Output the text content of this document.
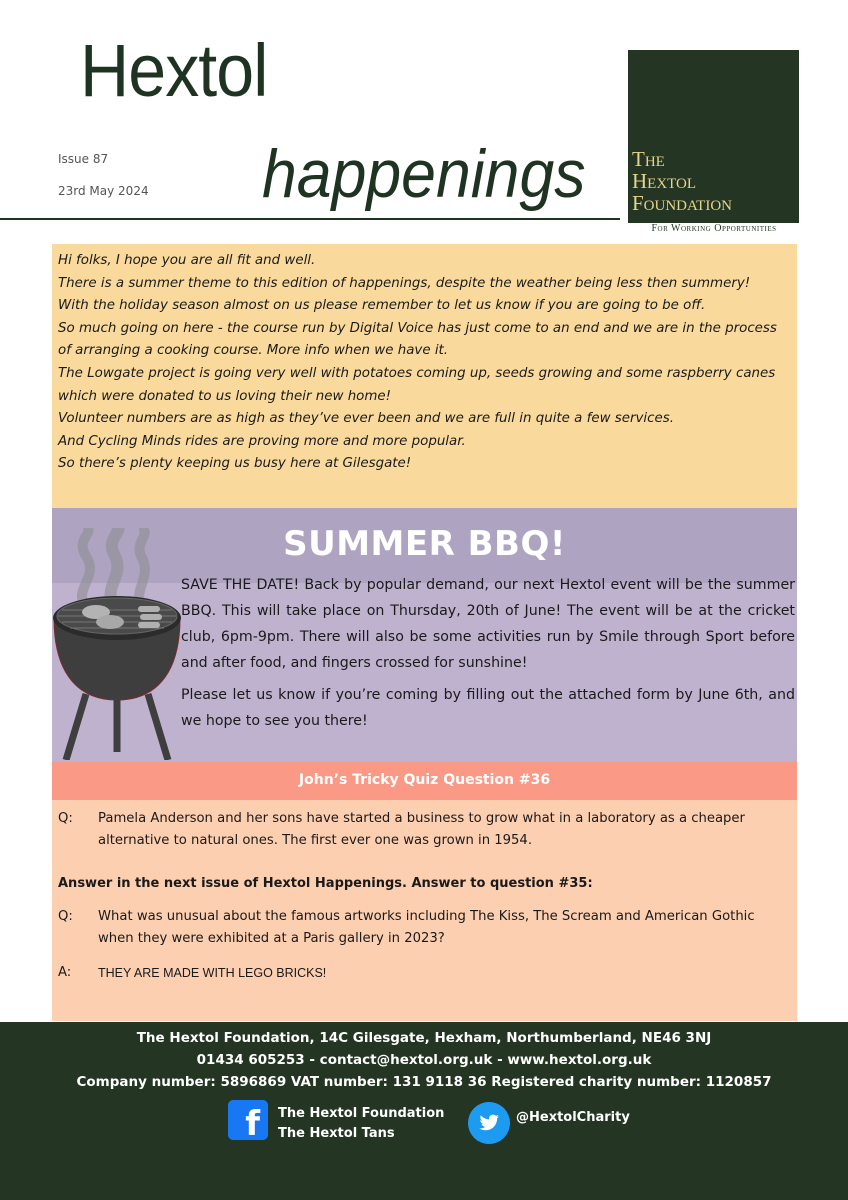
Hextol
happenings
Issue 87
23rd May 2024
The
Hextol
Foundation
For Working Opportunities

Hi folks, I hope you are all fit and well.

There is a summer theme to this edition of happenings, despite the weather being less then summery!

With the holiday season almost on us please remember to let us know if you are going to be off.

So much going on here - the course run by Digital Voice has just come to an end and we are in the process of arranging a cooking course. More info when we have it.

The Lowgate project is going very well with potatoes coming up, seeds growing and some raspberry canes which were donated to us loving their new home!

Volunteer numbers are as high as they’ve ever been and we are full in quite a few services.

And Cycling Minds rides are proving more and more popular.

So there’s plenty keeping us busy here at Gilesgate!

SUMMER BBQ!

SAVE THE DATE! Back by popular demand, our next Hextol event will be the summer BBQ. This will take place on Thursday, 20th of June! The event will be at the cricket club, 6pm-9pm. There will also be some activities run by Smile through Sport before and after food, and fingers crossed for sunshine!

Please let us know if you’re coming by filling out the attached form by June 6th, and we hope to see you there!

John’s Tricky Quiz Question #36
Q: Pamela Anderson and her sons have started a business to grow what in a laboratory as a cheaper alternative to natural ones. The first ever one was grown in 1954.
Answer in the next issue of Hextol Happenings. Answer to question #35:
Q: What was unusual about the famous artworks including The Kiss, The Scream and American Gothic when they were exhibited at a Paris gallery in 2023?
A: THEY ARE MADE WITH LEGO BRICKS!
The Hextol Foundation, 14C Gilesgate, Hexham, Northumberland, NE46 3NJ
01434 605253 - contact@hextol.org.uk - www.hextol.org.uk
Company number: 5896869 VAT number: 131 9118 36 Registered charity number: 1120857
f	The Hextol Foundation
The Hextol Tans
@HextolCharity
